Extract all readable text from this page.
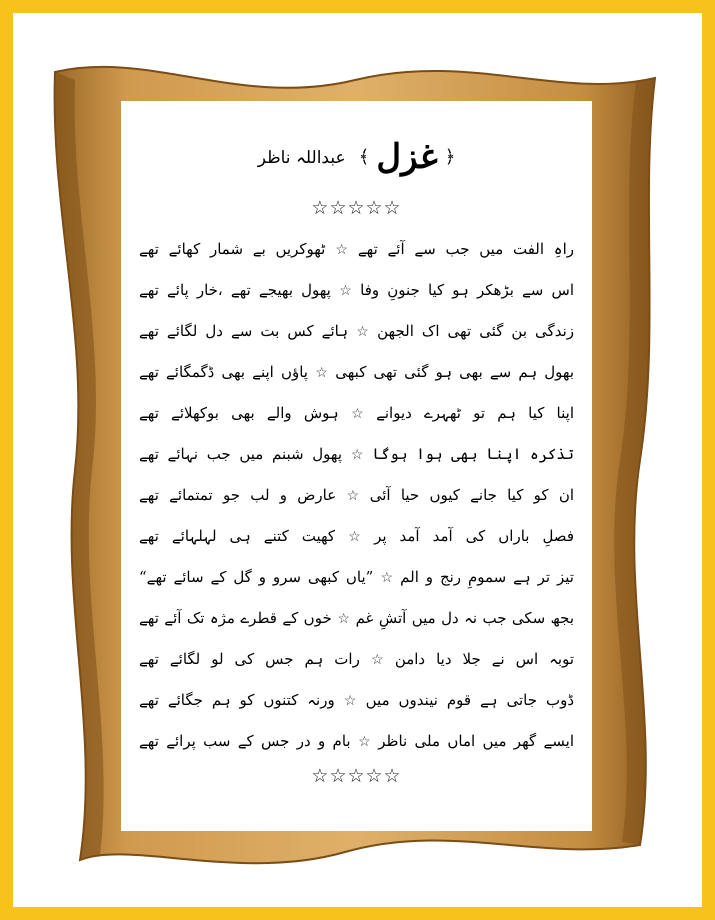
﴿ غزل ﴾ عبداللہ ناظر
☆☆☆☆☆
راہِ الفت میں جب سے آئے تھے☆ٹھوکریں بے شمار کھائے تھے
اس سے بڑھکر ہو کیا جنونِ وفا☆پھول بھیجے تھے ،خار پائے تھے
زندگی بن گئی تھی اک الجھن☆ہائے کس بت سے دل لگائے تھے
بھول ہم سے بھی ہو گئی تھی کبھی☆پاؤں اپنے بھی ڈگمگائے تھے
اپنا کیا ہم تو ٹھہرے دیوانے☆ہوش والے بھی بوکھلائے تھے
تذکرہ اپنا بھی ہوا ہوگا☆پھول شبنم میں جب نہائے تھے
ان کو کیا جانے کیوں حیا آئی☆عارض و لب جو تمتمائے تھے
فصلِ باراں کی آمد آمد پر☆کھیت کتنے ہی لہلہائے تھے
تیز تر ہے سمومِ رنج و الم☆”یاں کبھی سرو و گل کے سائے تھے“
بجھ سکی جب نہ دل میں آتشِ غم☆خوں کے قطرے مژہ تک آئے تھے
توبہ اس نے جلا دیا دامن☆رات ہم جس کی لو لگائے تھے
ڈوب جاتی ہے قوم نیندوں میں☆ورنہ کتنوں کو ہم جگائے تھے
ایسے گھر میں اماں ملی ناظر☆بام و در جس کے سب پرائے تھے
☆☆☆☆☆
